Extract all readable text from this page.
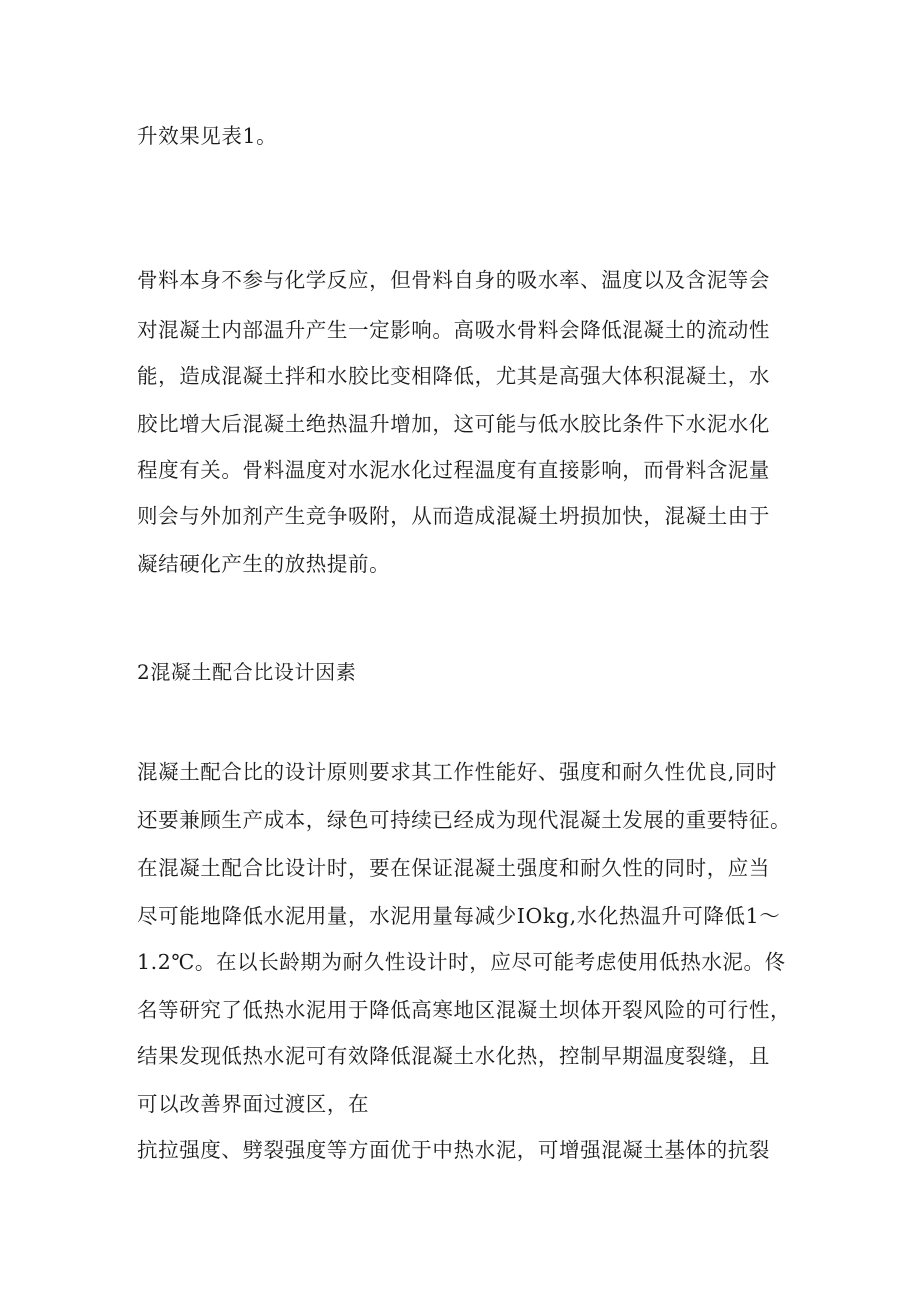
升效果见表1。
骨料本身不参与化学反应，但骨料自身的吸水率、温度以及含泥等会
对混凝土内部温升产生一定影响。高吸水骨料会降低混凝土的流动性
能，造成混凝土拌和水胶比变相降低，尤其是高强大体积混凝土，水
胶比增大后混凝土绝热温升增加，这可能与低水胶比条件下水泥水化
程度有关。骨料温度对水泥水化过程温度有直接影响，而骨料含泥量
则会与外加剂产生竞争吸附，从而造成混凝土坍损加快，混凝土由于
凝结硬化产生的放热提前。
2混凝土配合比设计因素
混凝土配合比的设计原则要求其工作性能好、强度和耐久性优良,同时
还要兼顾生产成本，绿色可持续已经成为现代混凝土发展的重要特征。
在混凝土配合比设计时，要在保证混凝土强度和耐久性的同时，应当
尽可能地降低水泥用量，水泥用量每减少IOkg,水化热温升可降低1～
1.2℃。在以长龄期为耐久性设计时，应尽可能考虑使用低热水泥。佟
名等研究了低热水泥用于降低高寒地区混凝土坝体开裂风险的可行性，
结果发现低热水泥可有效降低混凝土水化热，控制早期温度裂缝，且
可以改善界面过渡区，在
抗拉强度、劈裂强度等方面优于中热水泥，可增强混凝土基体的抗裂
